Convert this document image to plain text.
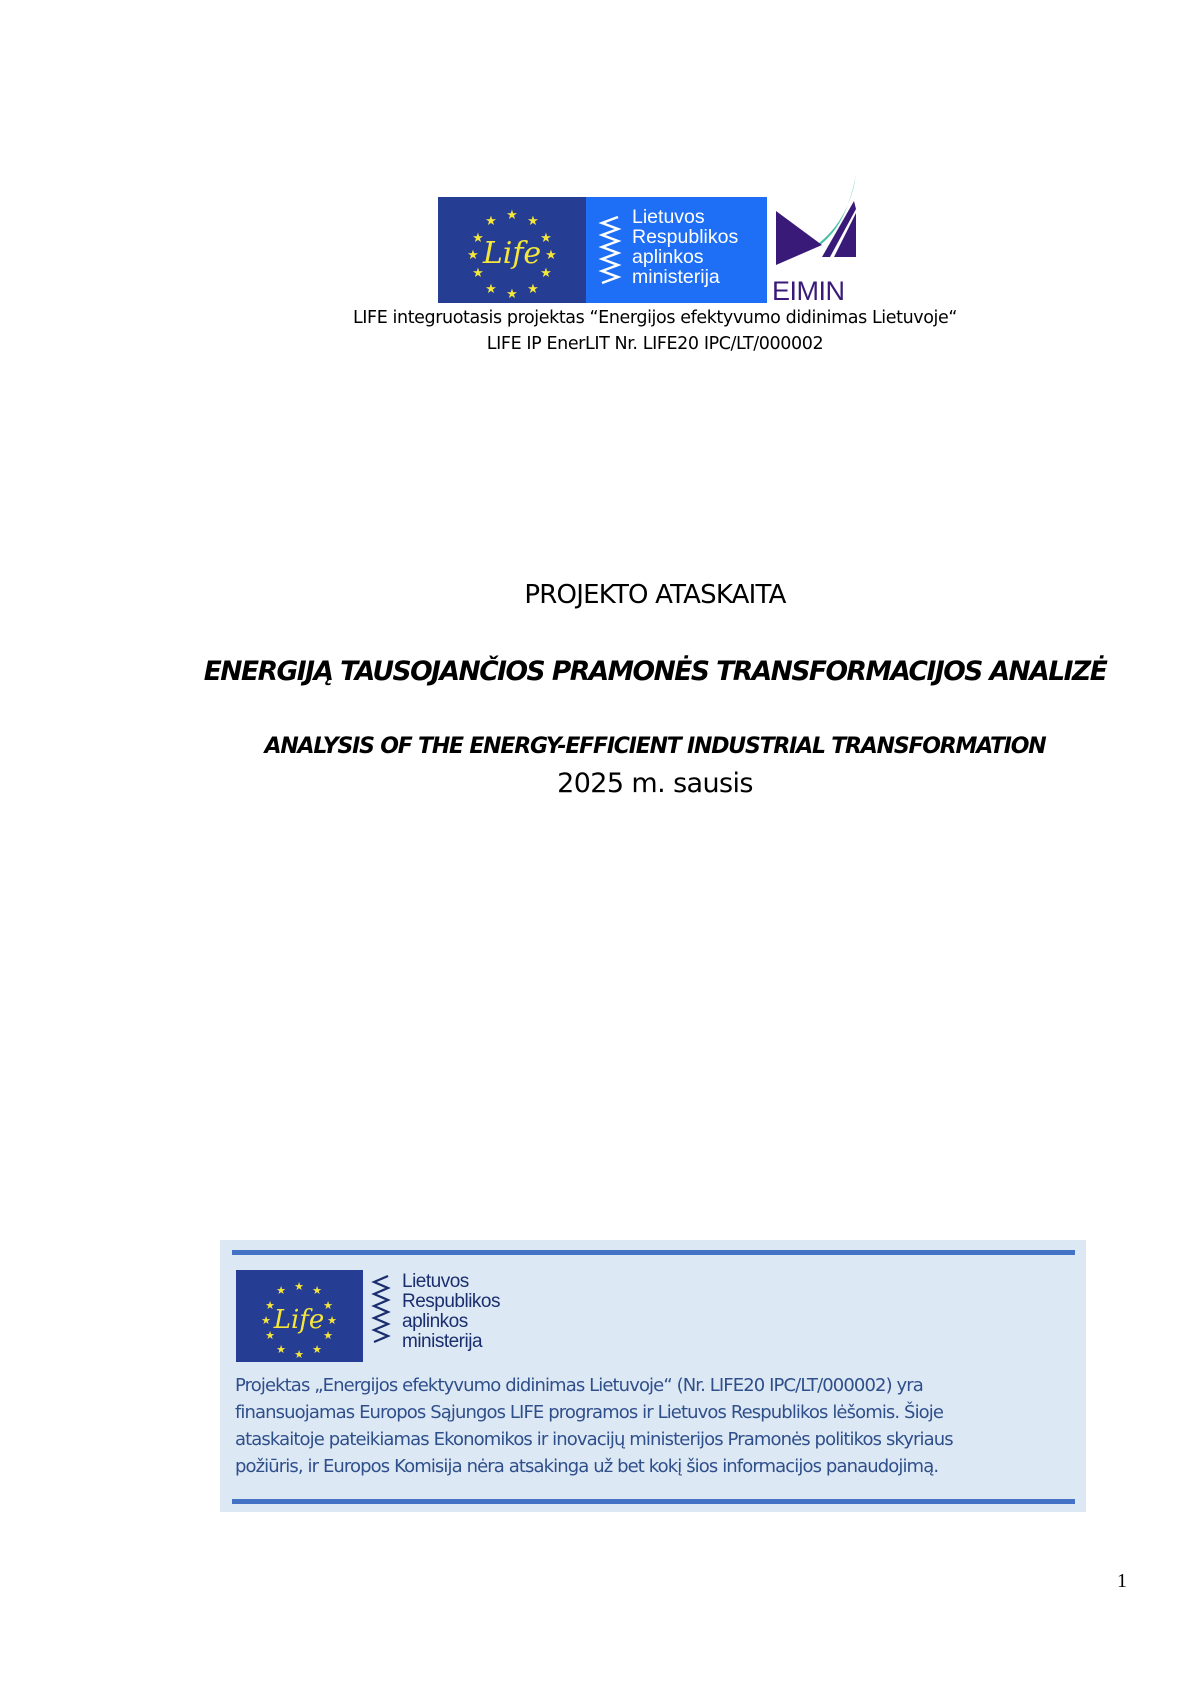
★
★ ★
★	★
★	★
★	★
★ ★
★
Life
Lietuvos
Respublikos
aplinkos
ministerija	EIMIN
LIFE integruotasis projektas “Energijos efektyvumo didinimas Lietuvoje“
LIFE IP EnerLIT Nr. LIFE20 IPC/LT/000002
PROJEKTO ATASKAITA
ENERGIJĄ TAUSOJANČIOS PRAMONĖS TRANSFORMACIJOS ANALIZĖ
ANALYSIS OF THE ENERGY-EFFICIENT INDUSTRIAL TRANSFORMATION
2025 m. sausis
★
★ ★
★	★
★	★
★	★
★ ★
★
Life
Lietuvos
Respublikos
aplinkos
ministerija
Projektas „Energijos efektyvumo didinimas Lietuvoje“ (Nr. LIFE20 IPC/LT/000002) yra
finansuojamas Europos Sąjungos LIFE programos ir Lietuvos Respublikos lėšomis. Šioje
ataskaitoje pateikiamas Ekonomikos ir inovacijų ministerijos Pramonės politikos skyriaus
požiūris, ir Europos Komisija nėra atsakinga už bet kokį šios informacijos panaudojimą.
1
